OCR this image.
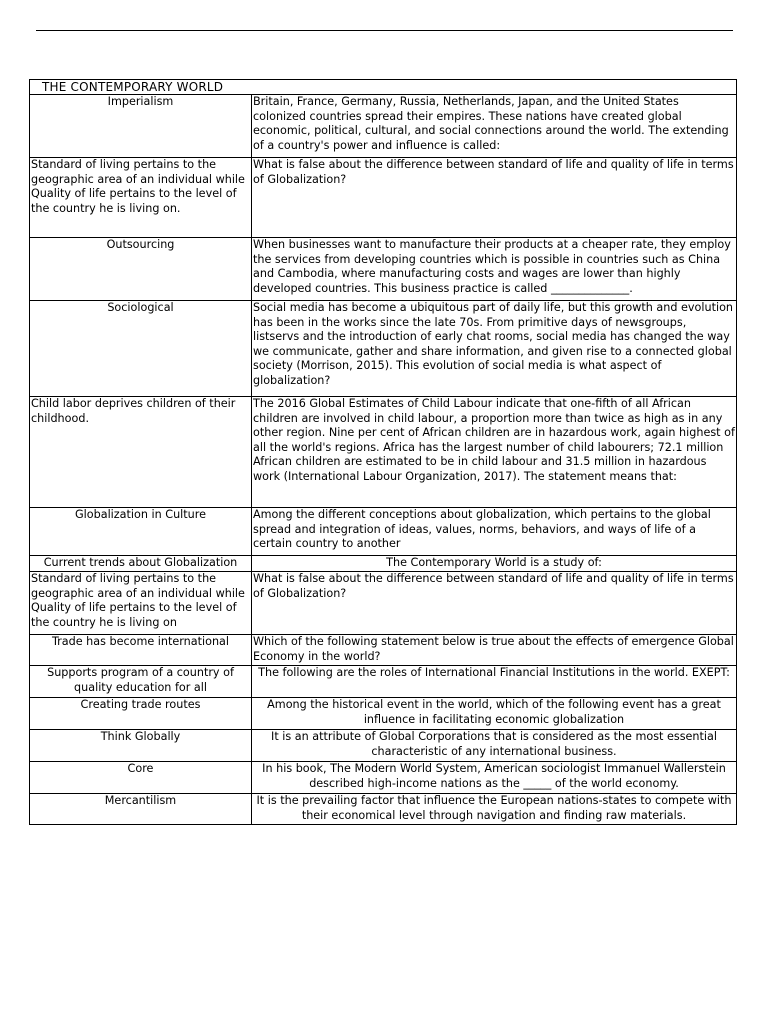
THE CONTEMPORARY WORLD	
Imperialism	Britain, France, Germany, Russia, Netherlands, Japan, and the United States colonized countries spread their empires. These nations have created global economic, political, cultural, and social connections around the world. The extending of a country's power and influence is called:
Standard of living pertains to the geographic area of an individual while Quality of life pertains to the level of the country he is living on.	What is false about the difference between standard of life and quality of life in terms of Globalization?
Outsourcing	When businesses want to manufacture their products at a cheaper rate, they employ the services from developing countries which is possible in countries such as China and Cambodia, where manufacturing costs and wages are lower than highly developed countries. This business practice is called ______________.
Sociological	Social media has become a ubiquitous part of daily life, but this growth and evolution has been in the works since the late 70s. From primitive days of newsgroups, listservs and the introduction of early chat rooms, social media has changed the way we communicate, gather and share information, and given rise to a connected global society (Morrison, 2015). This evolution of social media is what aspect of globalization?
Child labor deprives children of their childhood.	The 2016 Global Estimates of Child Labour indicate that one-fifth of all African children are involved in child labour, a proportion more than twice as high as in any other region. Nine per cent of African children are in hazardous work, again highest of all the world's regions. Africa has the largest number of child labourers; 72.1 million African children are estimated to be in child labour and 31.5 million in hazardous work (International Labour Organization, 2017). The statement means that:
Globalization in Culture	Among the different conceptions about globalization, which pertains to the global spread and integration of ideas, values, norms, behaviors, and ways of life of a certain country to another
Current trends about Globalization	The Contemporary World is a study of:
Standard of living pertains to the geographic area of an individual while Quality of life pertains to the level of the country he is living on	What is false about the difference between standard of life and quality of life in terms of Globalization?
Trade has become international	Which of the following statement below is true about the effects of emergence Global Economy in the world?
Supports program of a country of quality education for all	The following are the roles of International Financial Institutions in the world. EXEPT:
Creating trade routes	Among the historical event in the world, which of the following event has a great influence in facilitating economic globalization
Think Globally	It is an attribute of Global Corporations that is considered as the most essential characteristic of any international business.
Core	In his book, The Modern World System, American sociologist Immanuel Wallerstein described high-income nations as the _____ of the world economy.
Mercantilism	It is the prevailing factor that influence the European nations-states to compete with their economical level through navigation and finding raw materials.
